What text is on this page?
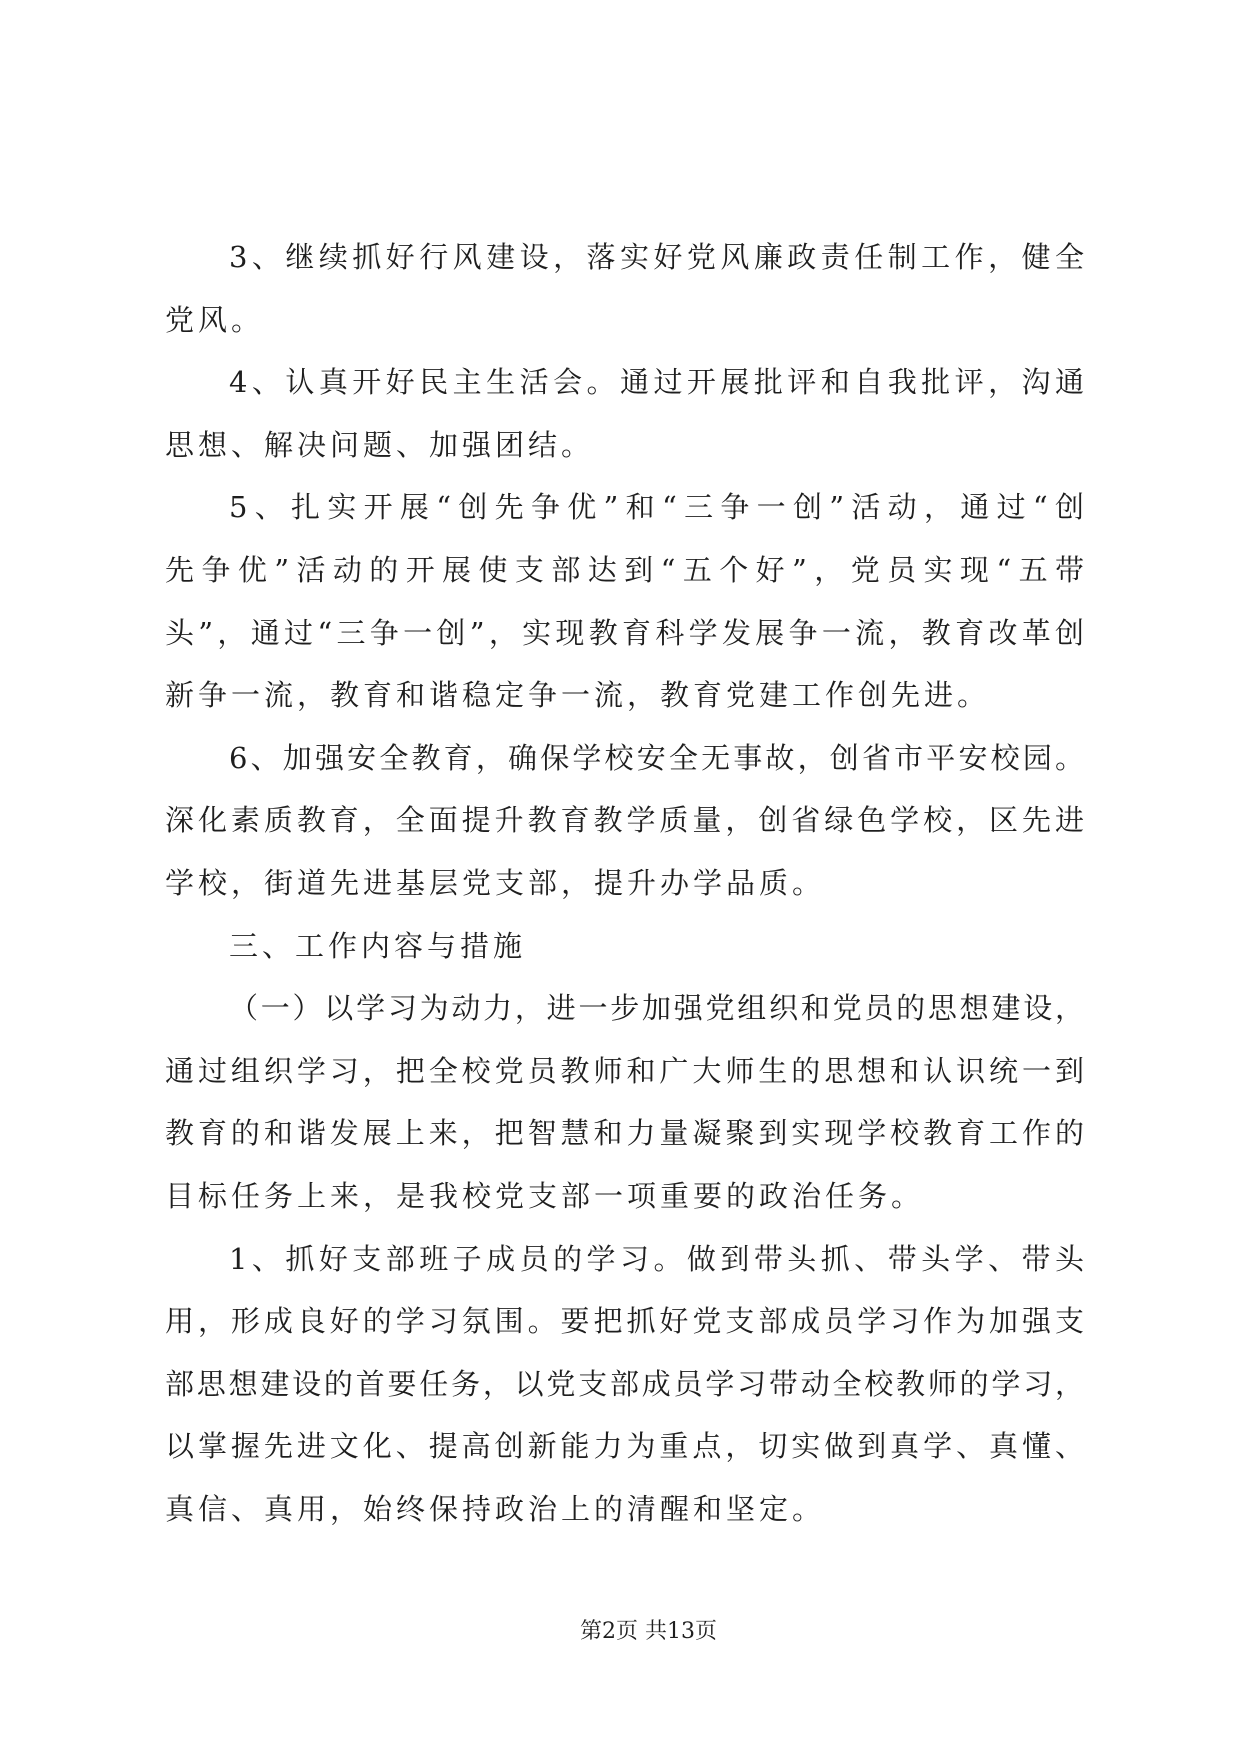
3、继续抓好行风建设，落实好党风廉政责任制工作，健全
党风。
4、认真开好民主生活会。通过开展批评和自我批评，沟通
思想、解决问题、加强团结。
5、扎实开展“创先争优”和“三争一创”活动，通过“创
先争优”活动的开展使支部达到“五个好”，党员实现“五带
头”，通过“三争一创”，实现教育科学发展争一流，教育改革创
新争一流，教育和谐稳定争一流，教育党建工作创先进。
6、加强安全教育，确保学校安全无事故，创省市平安校园。
深化素质教育，全面提升教育教学质量，创省绿色学校，区先进
学校，街道先进基层党支部，提升办学品质。
三、工作内容与措施
（一）以学习为动力，进一步加强党组织和党员的思想建设，
通过组织学习，把全校党员教师和广大师生的思想和认识统一到
教育的和谐发展上来，把智慧和力量凝聚到实现学校教育工作的
目标任务上来，是我校党支部一项重要的政治任务。
1、抓好支部班子成员的学习。做到带头抓、带头学、带头
用，形成良好的学习氛围。要把抓好党支部成员学习作为加强支
部思想建设的首要任务，以党支部成员学习带动全校教师的学习，
以掌握先进文化、提高创新能力为重点，切实做到真学、真懂、
真信、真用，始终保持政治上的清醒和坚定。
第2页 共13页
